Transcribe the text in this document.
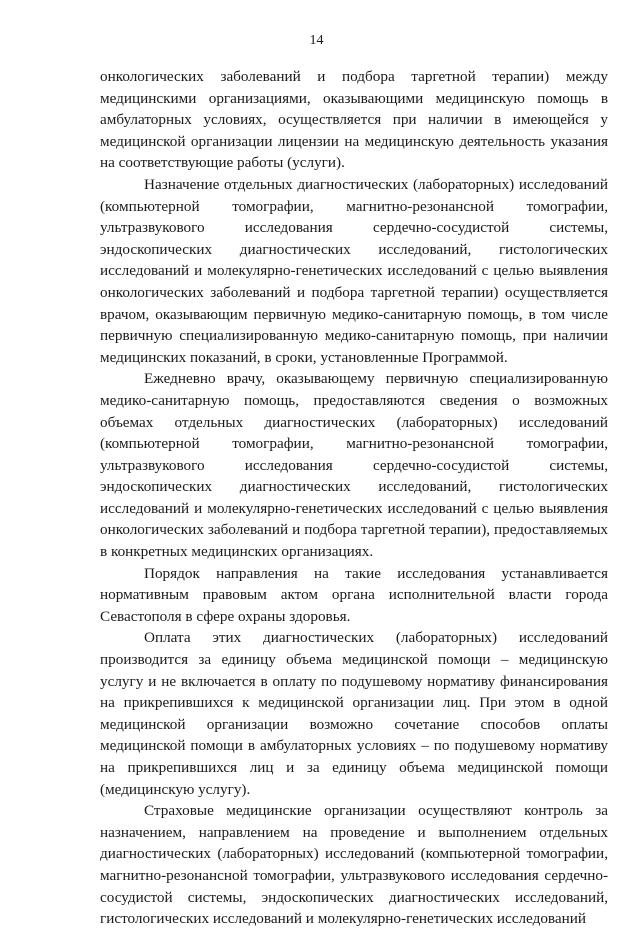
14

онкологических заболеваний и подбора таргетной терапии) между медицинскими организациями, оказывающими медицинскую помощь в амбулаторных условиях, осуществляется при наличии в имеющейся у медицинской организации лицензии на медицинскую деятельность указания на соответствующие работы (услуги).

Назначение отдельных диагностических (лабораторных) исследований (компьютерной томографии, магнитно-резонансной томографии, ультразвукового исследования сердечно-сосудистой системы, эндоскопических диагностических исследований, гистологических исследований и молекулярно-генетических исследований с целью выявления онкологических заболеваний и подбора таргетной терапии) осуществляется врачом, оказывающим первичную медико-санитарную помощь, в том числе первичную специализированную медико-санитарную помощь, при наличии медицинских показаний, в сроки, установленные Программой.

Ежедневно врачу, оказывающему первичную специализированную медико-санитарную помощь, предоставляются сведения о возможных объемах отдельных диагностических (лабораторных) исследований (компьютерной томографии, магнитно-резонансной томографии, ультразвукового исследования сердечно-сосудистой системы, эндоскопических диагностических исследований, гистологических исследований и молекулярно-генетических исследований с целью выявления онкологических заболеваний и подбора таргетной терапии), предоставляемых в конкретных медицинских организациях.

Порядок направления на такие исследования устанавливается нормативным правовым актом органа исполнительной власти города Севастополя в сфере охраны здоровья.

Оплата этих диагностических (лабораторных) исследований производится за единицу объема медицинской помощи – медицинскую услугу и не включается в оплату по подушевому нормативу финансирования на прикрепившихся к медицинской организации лиц. При этом в одной медицинской организации возможно сочетание способов оплаты медицинской помощи в амбулаторных условиях – по подушевому нормативу на прикрепившихся лиц и за единицу объема медицинской помощи (медицинскую услугу).

Страховые медицинские организации осуществляют контроль за назначением, направлением на проведение и выполнением отдельных диагностических (лабораторных) исследований (компьютерной томографии, магнитно-резонансной томографии, ультразвукового исследования сердечно-сосудистой системы, эндоскопических диагностических исследований, гистологических исследований и молекулярно-генетических исследований
